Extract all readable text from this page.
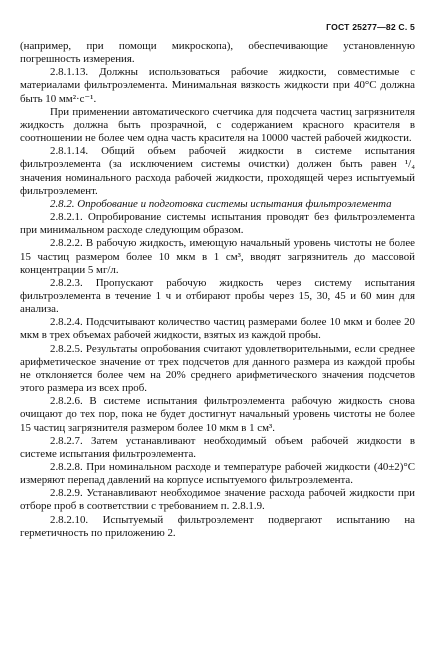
ГОСТ 25277—82 С. 5

(например, при помощи микроскопа), обеспечивающие установленную погрешность измерения.

2.8.1.13. Должны использоваться рабочие жидкости, совместимые с материалами фильтроэлемента. Минимальная вязкость жидкости при 40°С должна быть 10 мм²·с⁻¹.

При применении автоматического счетчика для подсчета частиц загрязнителя жидкость должна быть прозрачной, с содержанием красного красителя в соотношении не более чем одна часть красителя на 10000 частей рабочей жидкости.

2.8.1.14. Общий объем рабочей жидкости в системе испытания фильтроэлемента (за исключением системы очистки) должен быть равен ¹/₄ значения номинального расхода рабочей жидкости, проходящей через испытуемый фильтроэлемент.

2.8.2. Опробование и подготовка системы испытания фильтроэлемента

2.8.2.1. Опробирование системы испытания проводят без фильтроэлемента при минимальном расходе следующим образом.

2.8.2.2. В рабочую жидкость, имеющую начальный уровень чистоты не более 15 частиц размером более 10 мкм в 1 см³, вводят загрязнитель до массовой концентрации 5 мг/л.

2.8.2.3. Пропускают рабочую жидкость через систему испытания фильтроэлемента в течение 1 ч и отбирают пробы через 15, 30, 45 и 60 мин для анализа.

2.8.2.4. Подсчитывают количество частиц размерами более 10 мкм и более 20 мкм в трех объемах рабочей жидкости, взятых из каждой пробы.

2.8.2.5. Результаты опробования считают удовлетворительными, если среднее арифметическое значение от трех подсчетов для данного размера из каждой пробы не отклоняется более чем на 20% среднего арифметического значения подсчетов этого размера из всех проб.

2.8.2.6. В системе испытания фильтроэлемента рабочую жидкость снова очищают до тех пор, пока не будет достигнут начальный уровень чистоты не более 15 частиц загрязнителя размером более 10 мкм в 1 см³.

2.8.2.7. Затем устанавливают необходимый объем рабочей жидкости в системе испытания фильтроэлемента.

2.8.2.8. При номинальном расходе и температуре рабочей жидкости (40±2)°С измеряют перепад давлений на корпусе испытуемого фильтроэлемента.

2.8.2.9. Устанавливают необходимое значение расхода рабочей жидкости при отборе проб в соответствии с требованием п. 2.8.1.9.

2.8.2.10. Испытуемый фильтроэлемент подвергают испытанию на герметичность по приложению 2.
